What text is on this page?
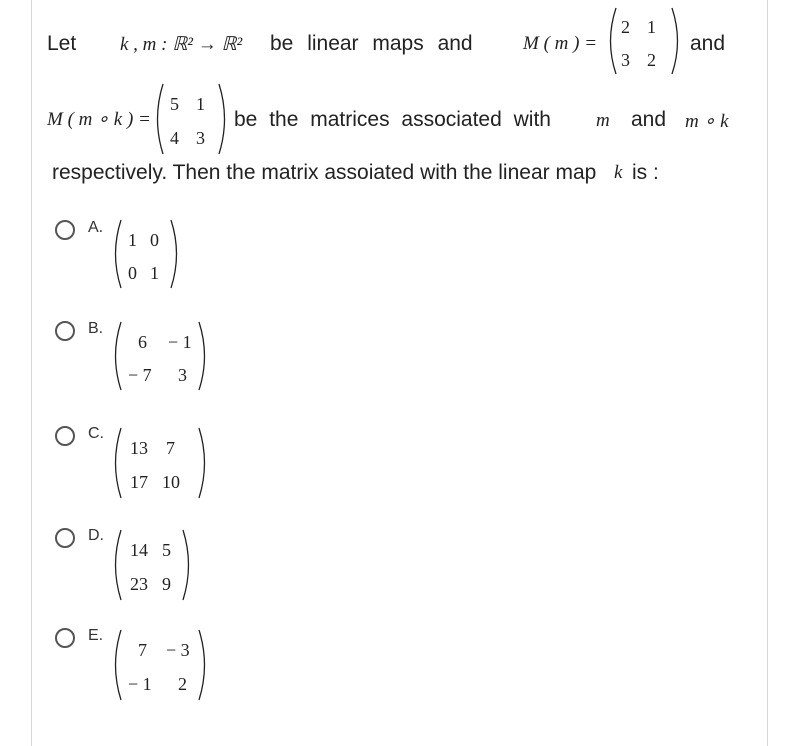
Let k , m : ℝ² → ℝ² be linear maps and	M ( m ) =
2 1
3 2
and
M ( m ∘ k ) =
5 1
4 3
be the matrices associated with m and m ∘ k
respectively. Then the matrix assoiated with the linear map k is :
A.
1 0
0 1
B.
6 − 1
− 7 3
C.
13 7
17 10
D.
14 5
23 9
E.
7 − 3
− 1 2
